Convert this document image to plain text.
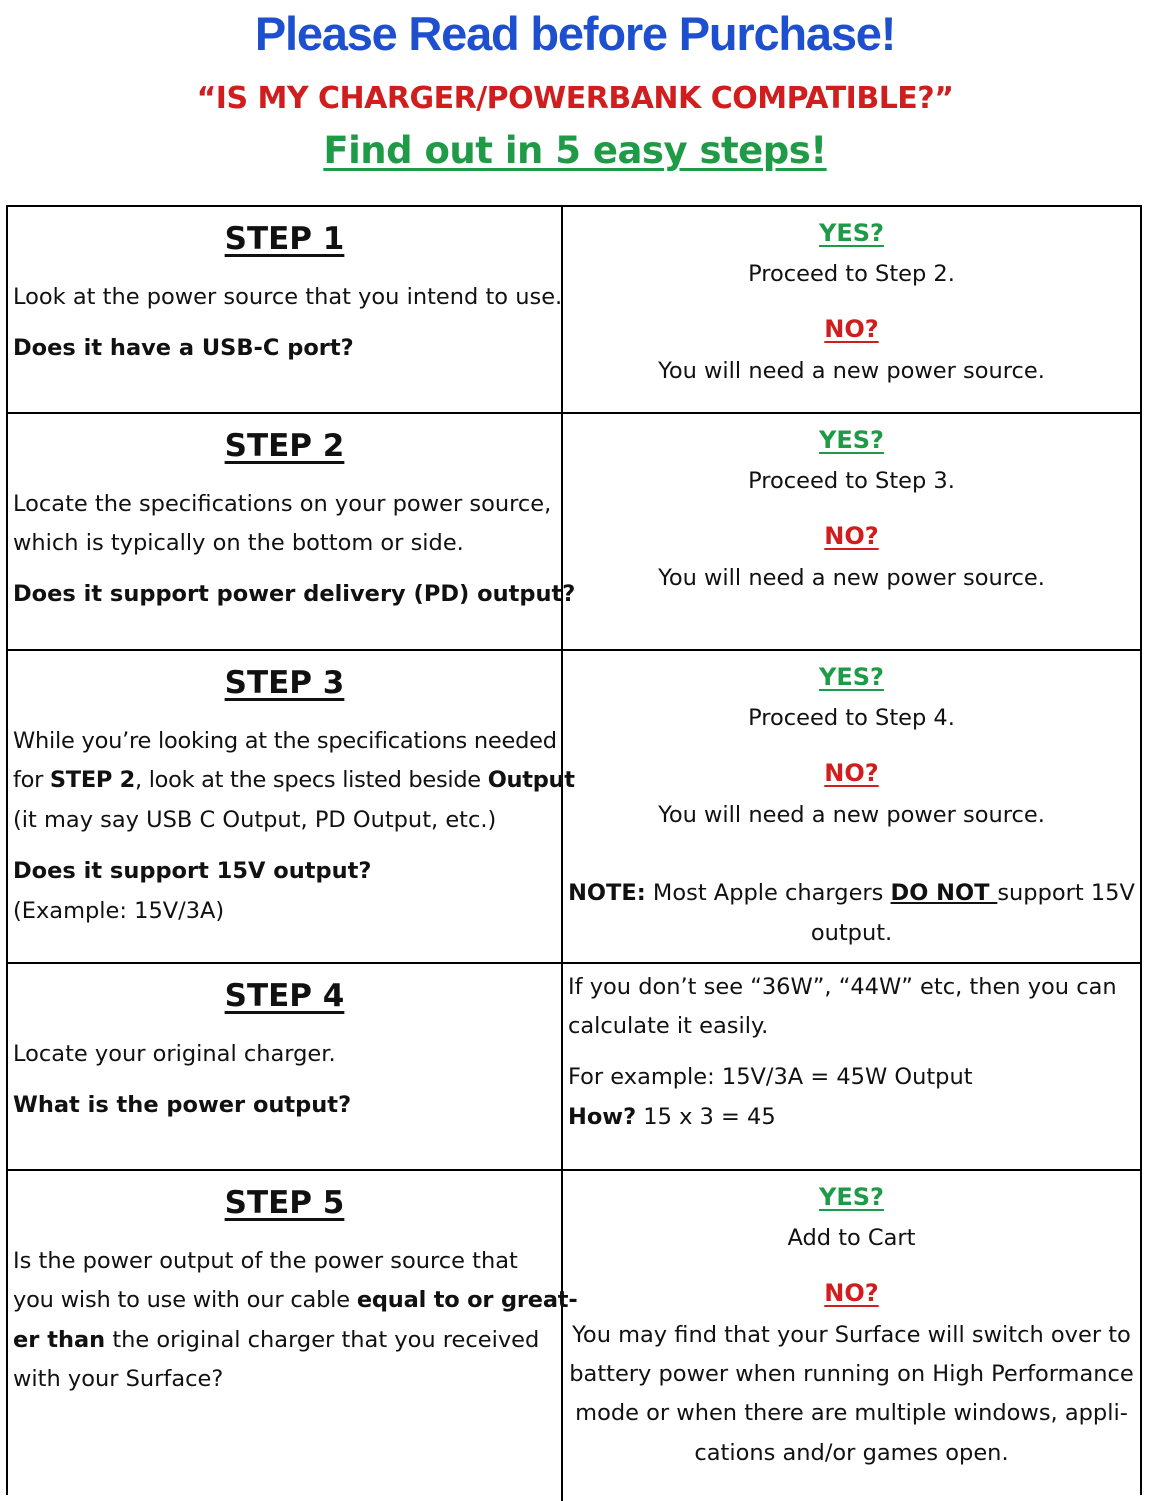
Please Read before Purchase!
“IS MY CHARGER/POWERBANK COMPATIBLE?”
Find out in 5 easy steps!
STEP 1
Look at the power source that you intend to use.
Does it have a USB-C port?
YES?
Proceed to Step 2.
NO?
You will need a new power source.
STEP 2
Locate the specifications on your power source,
which is typically on the bottom or side.
Does it support power delivery (PD) output?
YES?
Proceed to Step 3.
NO?
You will need a new power source.
STEP 3
While you’re looking at the specifications needed
for STEP 2, look at the specs listed beside Output
(it may say USB C Output, PD Output, etc.)
Does it support 15V output?
(Example: 15V/3A)
YES?
Proceed to Step 4.
NO?
You will need a new power source.
NOTE: Most Apple chargers DO NOT support 15V
output.
STEP 4
Locate your original charger.
What is the power output?
If you don’t see “36W”, “44W” etc, then you can
calculate it easily.
For example: 15V/3A = 45W Output
How? 15 x 3 = 45
STEP 5
Is the power output of the power source that
you wish to use with our cable equal to or great-
er than the original charger that you received
with your Surface?
YES?
Add to Cart
NO?
You may find that your Surface will switch over to
battery power when running on High Performance
mode or when there are multiple windows, appli-
cations and/or games open.
